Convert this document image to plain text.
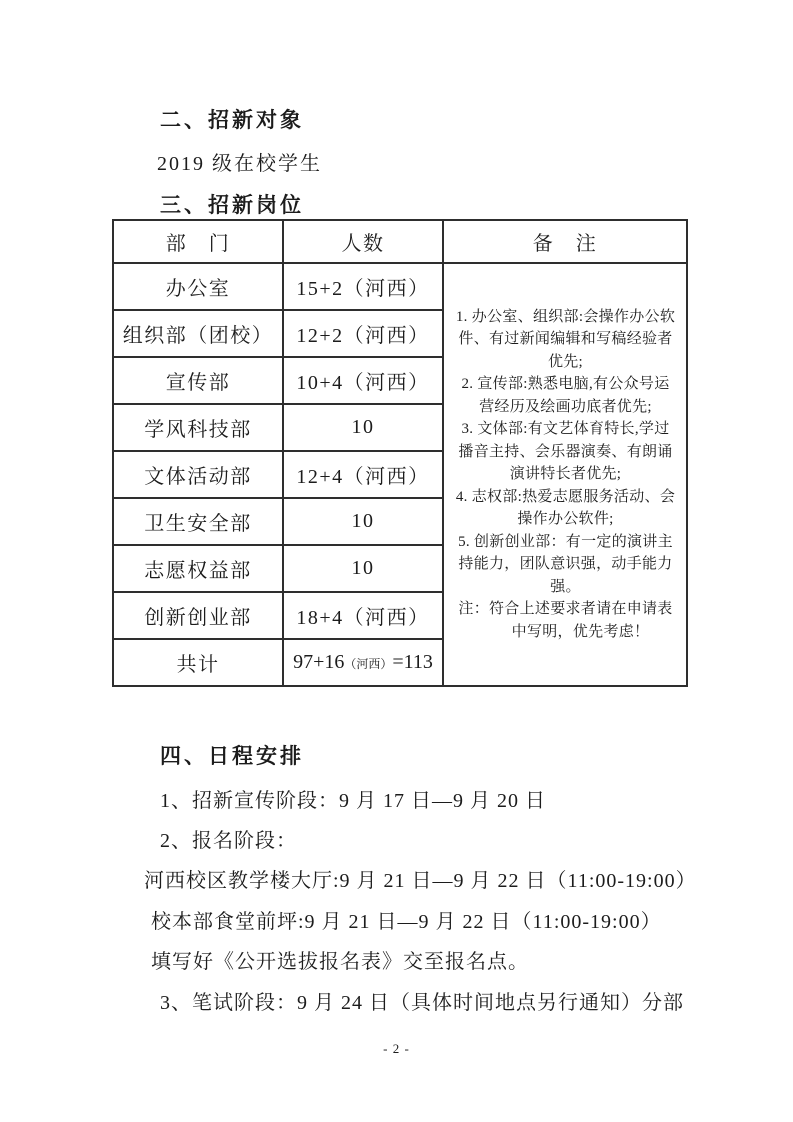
二、招新对象
2019 级在校学生
三、招新岗位
部　门	人数	备　注
办公室	15+2（河西）	

1. 办公室、组织部:会操作办公软件、有过新闻编辑和写稿经验者优先;

2. 宣传部:熟悉电脑,有公众号运营经历及绘画功底者优先;

3. 文体部:有文艺体育特长,学过播音主持、会乐器演奏、有朗诵演讲特长者优先;

4. 志权部:热爱志愿服务活动、会操作办公软件;

5. 创新创业部：有一定的演讲主持能力，团队意识强，动手能力强。

注：符合上述要求者请在申请表中写明，优先考虑！

组织部（团校）	12+2（河西）	
宣传部	10+4（河西）	
学风科技部	10	
文体活动部	12+4（河西）	
卫生安全部	10	
志愿权益部	10	
创新创业部	18+4（河西）	
共计	97+16（河西）=113	
四、日程安排
1、招新宣传阶段：9 月 17 日—9 月 20 日
2、报名阶段：
河西校区教学楼大厅:9 月 21 日—9 月 22 日（11:00-19:00）
校本部食堂前坪:9 月 21 日—9 月 22 日（11:00-19:00）
填写好《公开选拔报名表》交至报名点。
3、笔试阶段：9 月 24 日（具体时间地点另行通知）分部
- 2 -
